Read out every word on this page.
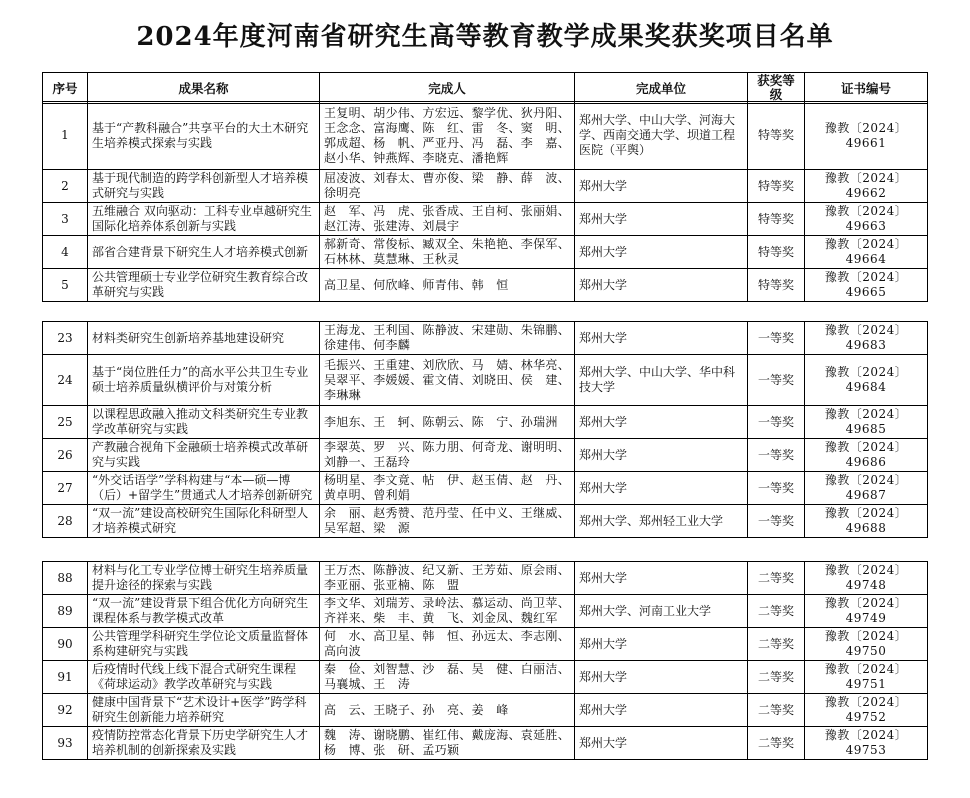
2024年度河南省研究生高等教育教学成果奖获奖项目名单
序号	成果名称	完成人	完成单位	获奖等级	证书编号
1	基于“产教科融合”共享平台的大土木研究生培养模式探索与实践	王复明、胡少伟、方宏远、黎学优、狄丹阳、王念念、富海鹰、陈　红、雷　冬、窦　明、郭成超、杨　帆、严亚丹、冯　磊、李　嘉、赵小华、钟燕辉、李晓克、潘艳辉	郑州大学、中山大学、河海大学、西南交通大学、坝道工程医院（平舆）	特等奖	豫教〔2024〕49661
2	基于现代制造的跨学科创新型人才培养模式研究与实践	屈凌波、刘春太、曹亦俊、梁　静、薛　波、徐明亮	郑州大学	特等奖	豫教〔2024〕49662
3	五维融合 双向驱动：工科专业卓越研究生国际化培养体系创新与实践	赵　军、冯　虎、张香成、王自柯、张丽娟、赵江涛、张建涛、刘晨宇	郑州大学	特等奖	豫教〔2024〕49663
4	部省合建背景下研究生人才培养模式创新	郝新奇、常俊标、臧双全、朱艳艳、李保军、石林林、莫慧琳、王秋灵	郑州大学	特等奖	豫教〔2024〕49664
5	公共管理硕士专业学位研究生教育综合改革研究与实践	高卫星、何欣峰、师青伟、韩　恒	郑州大学	特等奖	豫教〔2024〕49665
23	材料类研究生创新培养基地建设研究	王海龙、王利国、陈静波、宋建勋、朱锦鹏、徐建伟、何李麟	郑州大学	一等奖	豫教〔2024〕49683
24	基于“岗位胜任力”的高水平公共卫生专业硕士培养质量纵横评价与对策分析	毛振兴、王重建、刘欣欣、马　婧、林华亮、吴翠平、李媛媛、霍文倩、刘晓田、侯　建、李琳琳	郑州大学、中山大学、华中科技大学	一等奖	豫教〔2024〕49684
25	以课程思政融入推动文科类研究生专业教学改革研究与实践	李旭东、王　轲、陈朝云、陈　宁、孙瑞洲	郑州大学	一等奖	豫教〔2024〕49685
26	产教融合视角下金融硕士培养模式改革研究与实践	李翠英、罗　兴、陈力朋、何奇龙、谢明明、刘静一、王磊玲	郑州大学	一等奖	豫教〔2024〕49686
27	“外交话语学”学科构建与“本—硕—博（后）+留学生”贯通式人才培养创新研究	杨明星、李文竟、帖　伊、赵玉倩、赵　丹、黄卓明、曾利娟	郑州大学	一等奖	豫教〔2024〕49687
28	“双一流”建设高校研究生国际化科研型人才培养模式研究	余　丽、赵秀赞、范丹莹、任中义、王继威、吴军超、梁　源	郑州大学、郑州轻工业大学	一等奖	豫教〔2024〕49688
88	材料与化工专业学位博士研究生培养质量提升途径的探索与实践	王万杰、陈静波、纪又新、王芳茹、原会雨、李亚丽、张亚楠、陈　盟	郑州大学	二等奖	豫教〔2024〕49748
89	“双一流”建设背景下组合优化方向研究生课程体系与教学模式改革	李文华、刘瑞芳、录岭法、慕运动、尚卫苹、齐祥来、柴　丰、黄　飞、刘金凤、魏红军	郑州大学、河南工业大学	二等奖	豫教〔2024〕49749
90	公共管理学科研究生学位论文质量监督体系构建研究与实践	何　水、高卫星、韩　恒、孙远太、李志刚、高向波	郑州大学	二等奖	豫教〔2024〕49750
91	后疫情时代线上线下混合式研究生课程《荷球运动》教学改革研究与实践	秦　俭、刘智慧、沙　磊、吴　健、白丽洁、马襄城、王　涛	郑州大学	二等奖	豫教〔2024〕49751
92	健康中国背景下“艺术设计+医学”跨学科研究生创新能力培养研究	高　云、王晓子、孙　亮、姜　峰	郑州大学	二等奖	豫教〔2024〕49752
93	疫情防控常态化背景下历史学研究生人才培养机制的创新探索及实践	魏　涛、谢晓鹏、崔红伟、戴庞海、袁延胜、杨　博、张　研、孟巧颖	郑州大学	二等奖	豫教〔2024〕49753
